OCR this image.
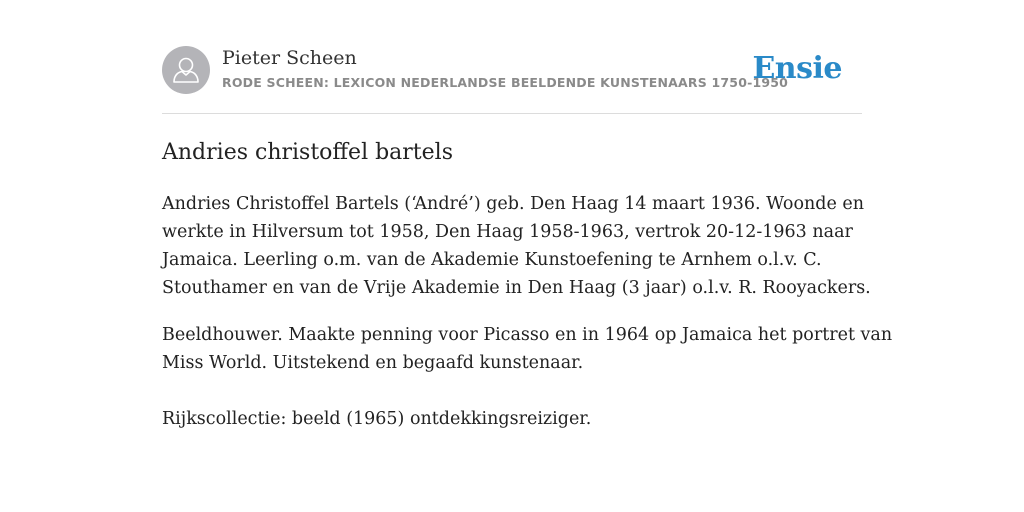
Pieter Scheen
RODE SCHEEN: LEXICON NEDERLANDSE BEELDENDE KUNSTENAARS 1750-1950
Ensie
Andries christoffel bartels
Andries Christoffel Bartels (‘André’) geb. Den Haag 14 maart 1936. Woonde en
werkte in Hilversum tot 1958, Den Haag 1958-1963, vertrok 20-12-1963 naar
Jamaica. Leerling o.m. van de Akademie Kunstoefening te Arnhem o.l.v. C.
Stouthamer en van de Vrije Akademie in Den Haag (3 jaar) o.l.v. R. Rooyackers.
Beeldhouwer. Maakte penning voor Picasso en in 1964 op Jamaica het portret van
Miss World. Uitstekend en begaafd kunstenaar.
Rijkscollectie: beeld (1965) ontdekkingsreiziger.
